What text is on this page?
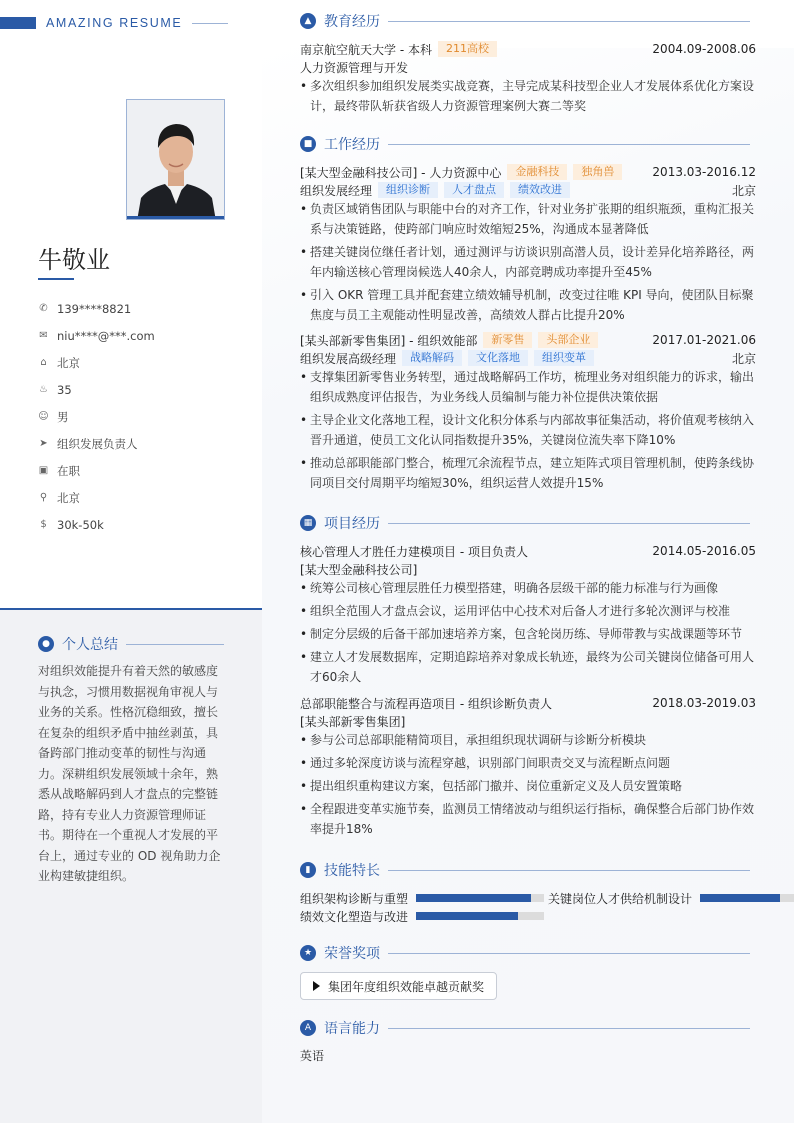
AMAZING RESUME
牛敬业
✆ 139****8821
✉ niu****@***.com
⌂ 北京
♨ 35
☺ 男
➤ 组织发展负责人
▣ 在职
⚲ 北京
$ 30k-50k
● 个人总结
对组织效能提升有着天然的敏感度与执念，习惯用数据视角审视人与业务的关系。性格沉稳细致，擅长在复杂的组织矛盾中抽丝剥茧，具备跨部门推动变革的韧性与沟通力。深耕组织发展领域十余年，熟悉从战略解码到人才盘点的完整链路，持有专业人力资源管理师证书。期待在一个重视人才发展的平台上，通过专业的 OD 视角助力企业构建敏捷组织。
▲ 教育经历
南京航空航天大学 - 本科	211高校	2004.09-2008.06
人力资源管理与开发
• 多次组织参加组织发展类实战竞赛，主导完成某科技型企业人才发展体系优化方案设计，最终带队斩获省级人力资源管理案例大赛二等奖
■ 工作经历
[某大型金融科技公司] - 人力资源中心	金融科技	独角兽	2013.03-2016.12
组织发展经理	组织诊断	人才盘点	绩效改进	北京
• 负责区域销售团队与职能中台的对齐工作，针对业务扩张期的组织瓶颈，重构汇报关系与决策链路，使跨部门响应时效缩短25%，沟通成本显著降低
• 搭建关键岗位继任者计划，通过测评与访谈识别高潜人员，设计差异化培养路径，两年内输送核心管理岗候选人40余人，内部竞聘成功率提升至45%
• 引入 OKR 管理工具并配套建立绩效辅导机制，改变过往唯 KPI 导向，使团队目标聚焦度与员工主观能动性明显改善，高绩效人群占比提升20%
[某头部新零售集团] - 组织效能部	新零售	头部企业	2017.01-2021.06
组织发展高级经理	战略解码	文化落地	组织变革	北京
• 支撑集团新零售业务转型，通过战略解码工作坊，梳理业务对组织能力的诉求，输出组织成熟度评估报告，为业务线人员编制与能力补位提供决策依据
• 主导企业文化落地工程，设计文化积分体系与内部故事征集活动，将价值观考核纳入晋升通道，使员工文化认同指数提升35%，关键岗位流失率下降10%
• 推动总部职能部门整合，梳理冗余流程节点，建立矩阵式项目管理机制，使跨条线协同项目交付周期平均缩短30%，组织运营人效提升15%
▦ 项目经历
核心管理人才胜任力建模项目 - 项目负责人	2014.05-2016.05
[某大型金融科技公司]
• 统筹公司核心管理层胜任力模型搭建，明确各层级干部的能力标准与行为画像
• 组织全范围人才盘点会议，运用评估中心技术对后备人才进行多轮次测评与校准
• 制定分层级的后备干部加速培养方案，包含轮岗历练、导师带教与实战课题等环节
• 建立人才发展数据库，定期追踪培养对象成长轨迹，最终为公司关键岗位储备可用人才60余人
总部职能整合与流程再造项目 - 组织诊断负责人	2018.03-2019.03
[某头部新零售集团]
• 参与公司总部职能精简项目，承担组织现状调研与诊断分析模块
• 通过多轮深度访谈与流程穿越，识别部门间职责交叉与流程断点问题
• 提出组织重构建议方案，包括部门撤并、岗位重新定义及人员安置策略
• 全程跟进变革实施节奏，监测员工情绪波动与组织运行指标，确保整合后部门协作效率提升18%
▮ 技能特长
组织架构诊断与重塑	关键岗位人才供给机制设计
绩效文化塑造与改进
★ 荣誉奖项
集团年度组织效能卓越贡献奖
A 语言能力
英语
